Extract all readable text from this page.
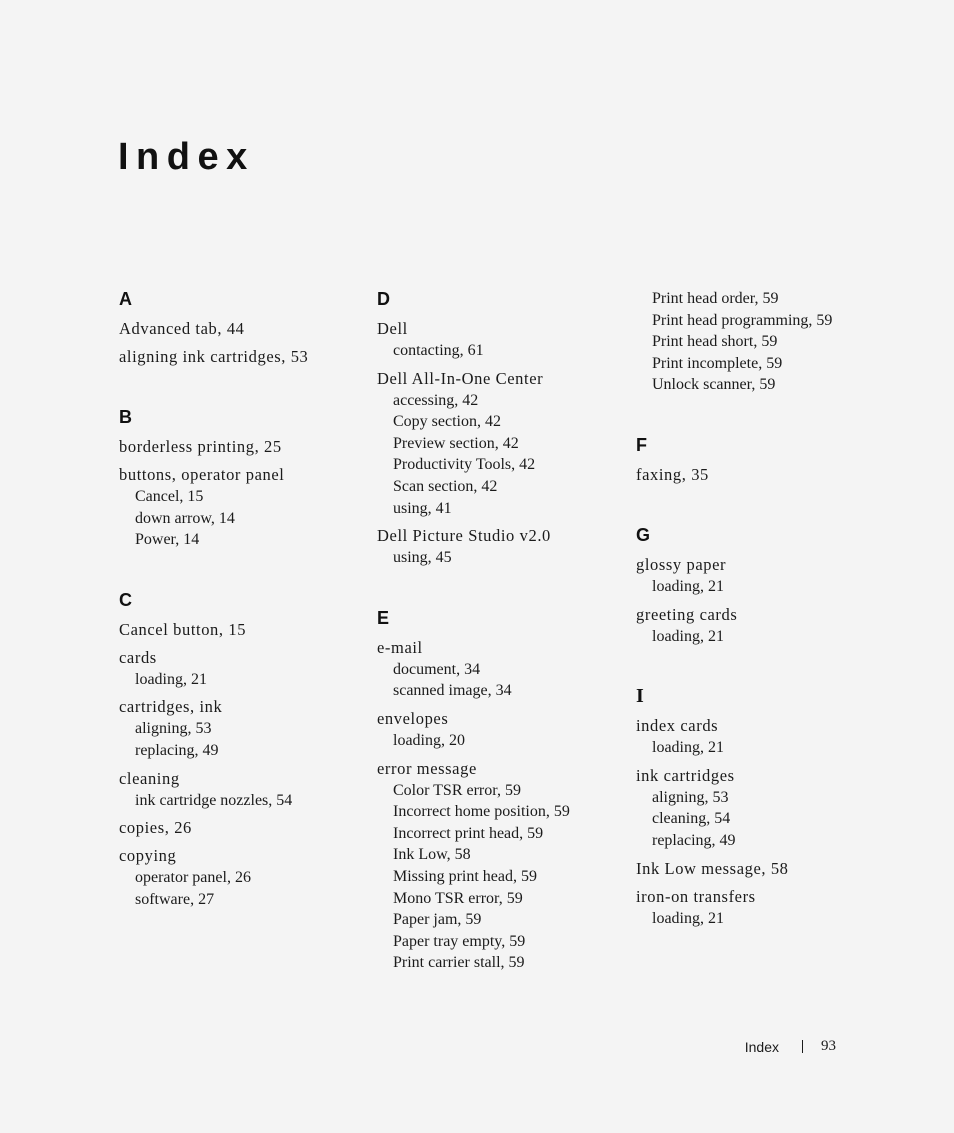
Index
A
Advanced tab, 44
aligning ink cartridges, 53
B
borderless printing, 25
buttons, operator panel
Cancel, 15
down arrow, 14
Power, 14
C
Cancel button, 15
cards
loading, 21
cartridges, ink
aligning, 53
replacing, 49
cleaning
ink cartridge nozzles, 54
copies, 26
copying
operator panel, 26
software, 27
D
Dell
contacting, 61
Dell All-In-One Center
accessing, 42
Copy section, 42
Preview section, 42
Productivity Tools, 42
Scan section, 42
using, 41
Dell Picture Studio v2.0
using, 45
E
e-mail
document, 34
scanned image, 34
envelopes
loading, 20
error message
Color TSR error, 59
Incorrect home position, 59
Incorrect print head, 59
Ink Low, 58
Missing print head, 59
Mono TSR error, 59
Paper jam, 59
Paper tray empty, 59
Print carrier stall, 59
Print head order, 59
Print head programming, 59
Print head short, 59
Print incomplete, 59
Unlock scanner, 59
F
faxing, 35
G
glossy paper
loading, 21
greeting cards
loading, 21
I
index cards
loading, 21
ink cartridges
aligning, 53
cleaning, 54
replacing, 49
Ink Low message, 58
iron-on transfers
loading, 21
Index	93
